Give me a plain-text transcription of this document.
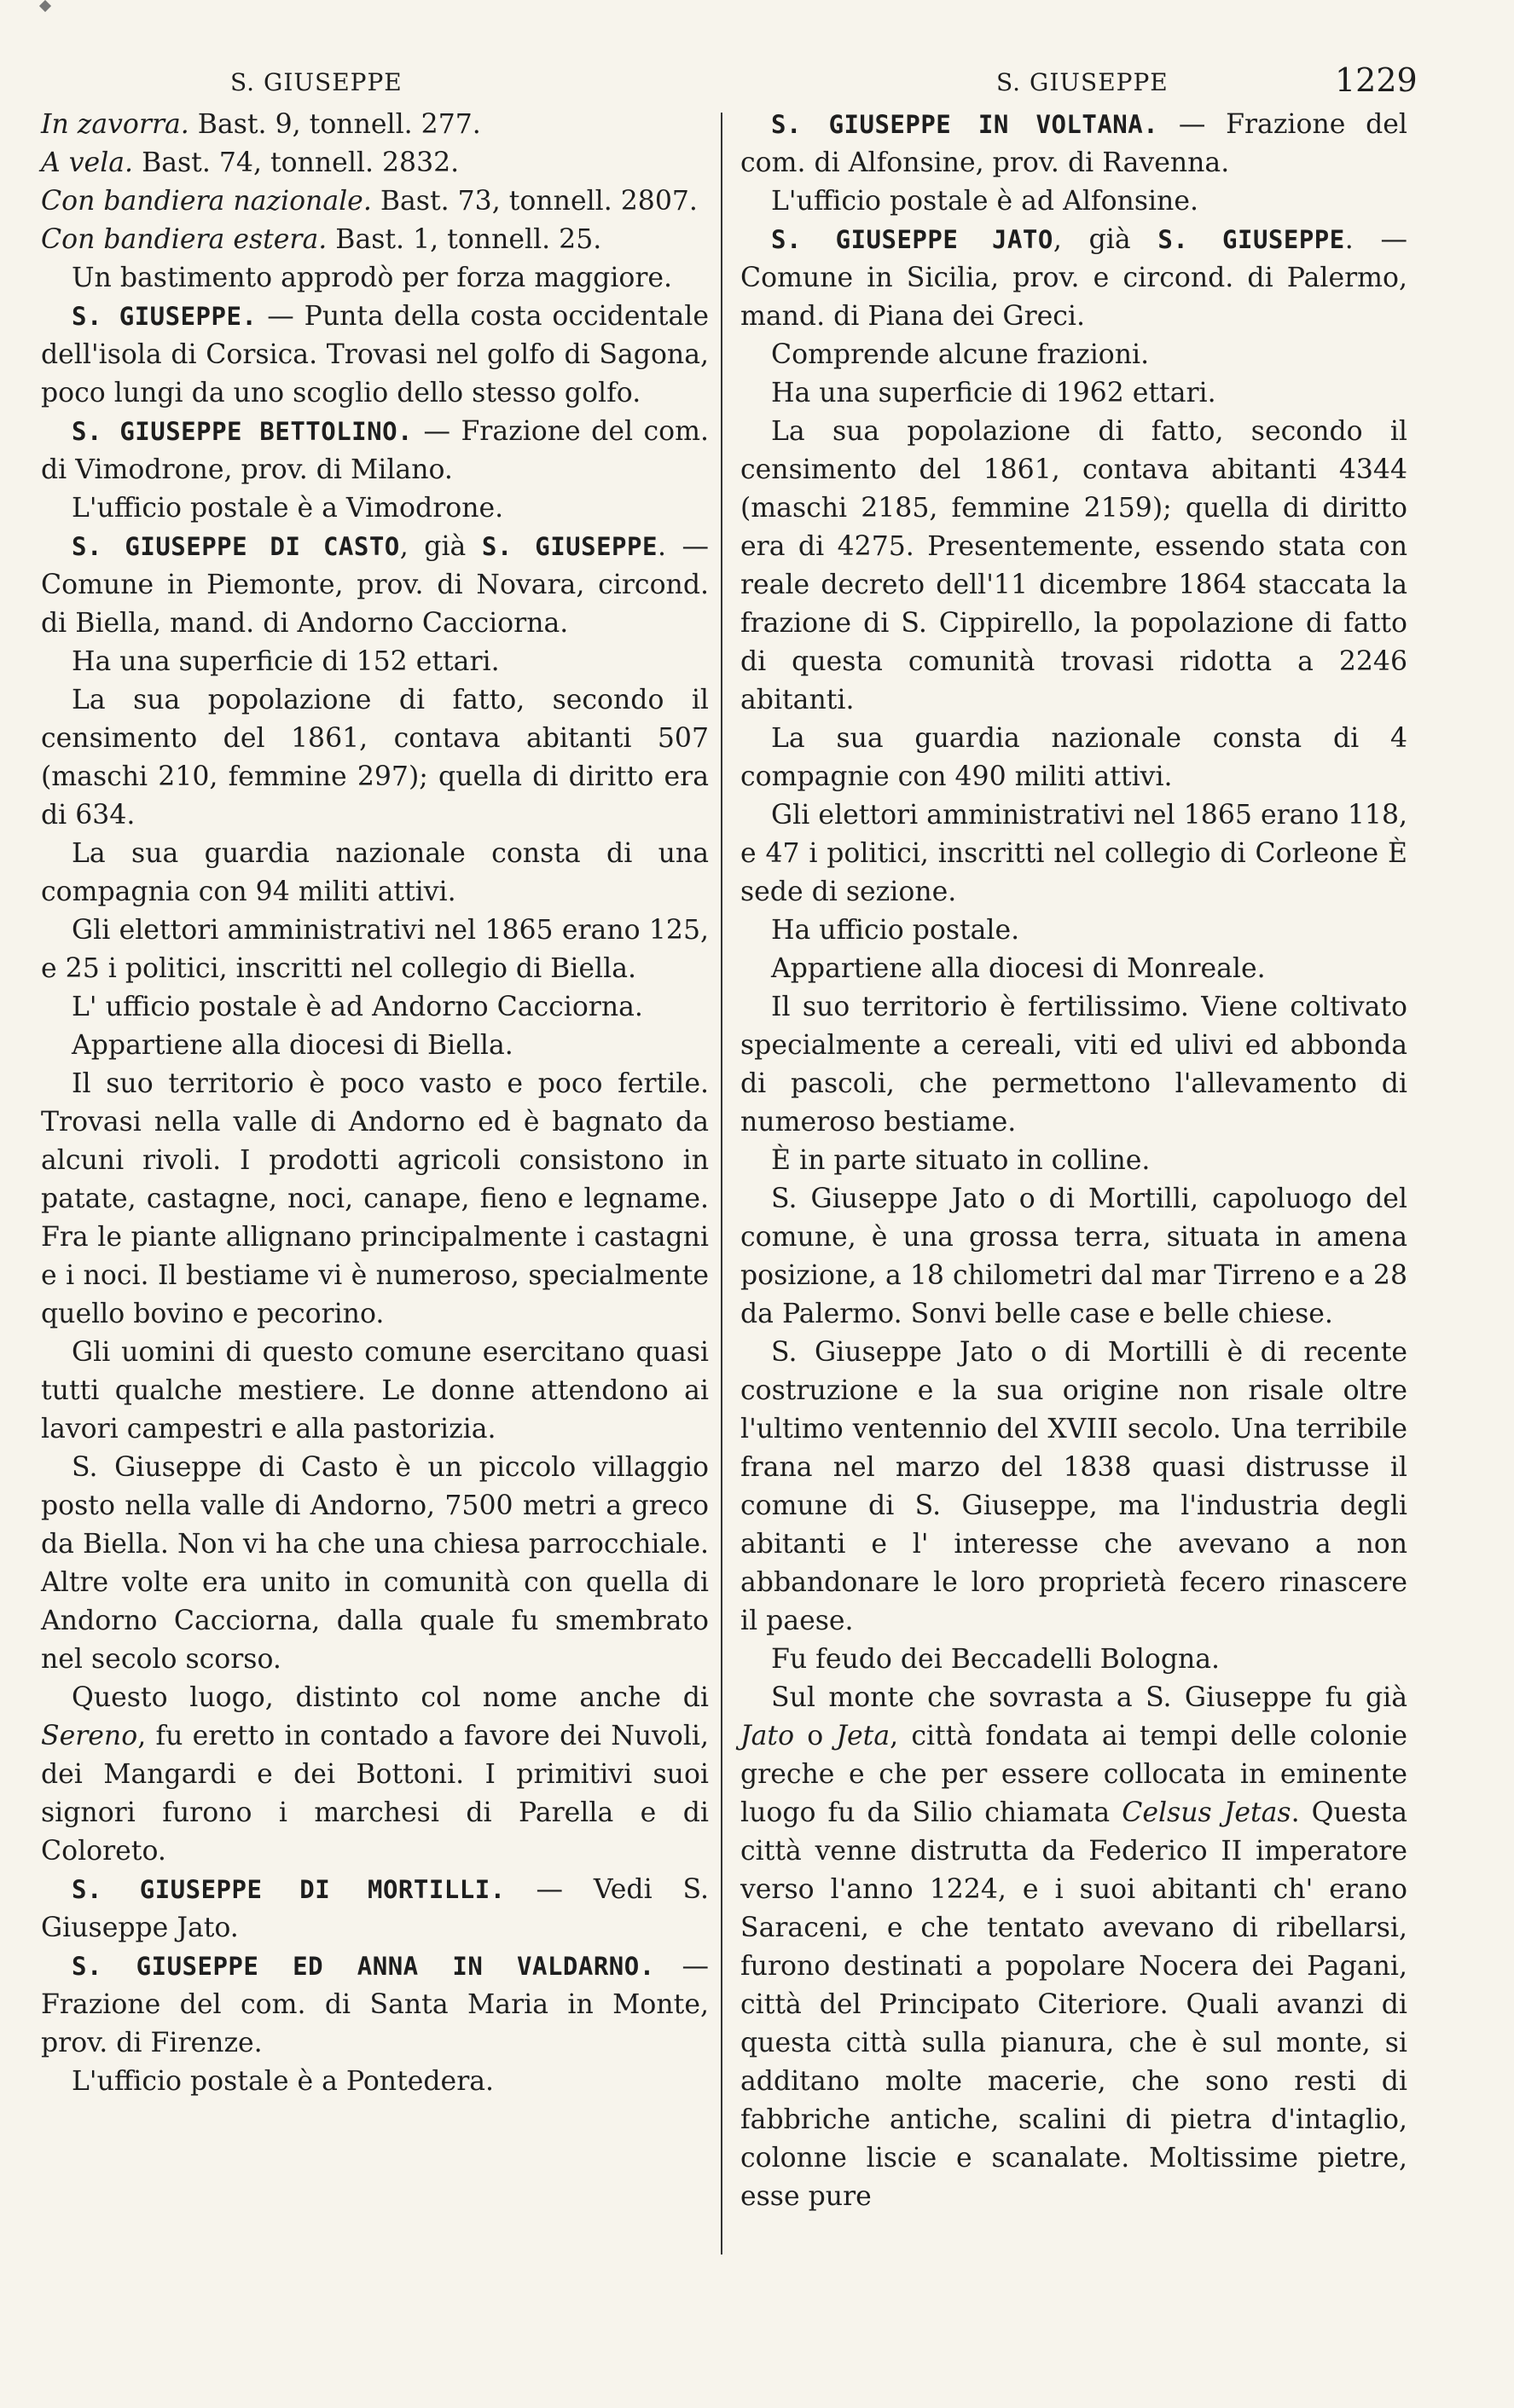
S. GIUSEPPE	S. GIUSEPPE	1229

In zavorra. Bast. 9, tonnell. 277.

A vela. Bast. 74, tonnell. 2832.

Con bandiera nazionale. Bast. 73, tonnell. 2807.

Con bandiera estera. Bast. 1, tonnell. 25.

Un bastimento approdò per forza maggiore.

S. GIUSEPPE. — Punta della costa occidentale dell'isola di Corsica. Trovasi nel golfo di Sagona, poco lungi da uno scoglio dello stesso golfo.

S. GIUSEPPE BETTOLINO. — Frazione del com. di Vimodrone, prov. di Milano.

L'ufficio postale è a Vimodrone.

S. GIUSEPPE DI CASTO, già S. GIUSEPPE. — Comune in Piemonte, prov. di Novara, circond. di Biella, mand. di Andorno Cacciorna.

Ha una superficie di 152 ettari.

La sua popolazione di fatto, secondo il censimento del 1861, contava abitanti 507 (maschi 210, femmine 297); quella di diritto era di 634.

La sua guardia nazionale consta di una compagnia con 94 militi attivi.

Gli elettori amministrativi nel 1865 erano 125, e 25 i politici, inscritti nel collegio di Biella.

L' ufficio postale è ad Andorno Cacciorna.

Appartiene alla diocesi di Biella.

Il suo territorio è poco vasto e poco fertile. Trovasi nella valle di Andorno ed è bagnato da alcuni rivoli. I prodotti agricoli consistono in patate, castagne, noci, canape, fieno e legname. Fra le piante allignano principalmente i castagni e i noci. Il bestiame vi è numeroso, specialmente quello bovino e pecorino.

Gli uomini di questo comune esercitano quasi tutti qualche mestiere. Le donne attendono ai lavori campestri e alla pastorizia.

S. Giuseppe di Casto è un piccolo villaggio posto nella valle di Andorno, 7500 metri a greco da Biella. Non vi ha che una chiesa parrocchiale. Altre volte era unito in comunità con quella di Andorno Cacciorna, dalla quale fu smembrato nel secolo scorso.

Questo luogo, distinto col nome anche di Sereno, fu eretto in contado a favore dei Nuvoli, dei Mangardi e dei Bottoni. I primitivi suoi signori furono i marchesi di Parella e di Coloreto.

S. GIUSEPPE DI MORTILLI. — Vedi S. Giuseppe Jato.

S. GIUSEPPE ED ANNA IN VALDARNO. — Frazione del com. di Santa Maria in Monte, prov. di Firenze.

L'ufficio postale è a Pontedera.

S. GIUSEPPE IN VOLTANA. — Frazione del com. di Alfonsine, prov. di Ravenna.

L'ufficio postale è ad Alfonsine.

S. GIUSEPPE JATO, già S. GIUSEPPE. — Comune in Sicilia, prov. e circond. di Palermo, mand. di Piana dei Greci.

Comprende alcune frazioni.

Ha una superficie di 1962 ettari.

La sua popolazione di fatto, secondo il censimento del 1861, contava abitanti 4344 (maschi 2185, femmine 2159); quella di diritto era di 4275. Presentemente, essendo stata con reale decreto dell'11 dicembre 1864 staccata la frazione di S. Cippirello, la popolazione di fatto di questa comunità trovasi ridotta a 2246 abitanti.

La sua guardia nazionale consta di 4 compagnie con 490 militi attivi.

Gli elettori amministrativi nel 1865 erano 118, e 47 i politici, inscritti nel collegio di Corleone È sede di sezione.

Ha ufficio postale.

Appartiene alla diocesi di Monreale.

Il suo territorio è fertilissimo. Viene coltivato specialmente a cereali, viti ed ulivi ed abbonda di pascoli, che permettono l'allevamento di numeroso bestiame.

È in parte situato in colline.

S. Giuseppe Jato o di Mortilli, capoluogo del comune, è una grossa terra, situata in amena posizione, a 18 chilometri dal mar Tirreno e a 28 da Palermo. Sonvi belle case e belle chiese.

S. Giuseppe Jato o di Mortilli è di recente costruzione e la sua origine non risale oltre l'ultimo ventennio del XVIII secolo. Una terribile frana nel marzo del 1838 quasi distrusse il comune di S. Giuseppe, ma l'industria degli abitanti e l' interesse che avevano a non abbandonare le loro proprietà fecero rinascere il paese.

Fu feudo dei Beccadelli Bologna.

Sul monte che sovrasta a S. Giuseppe fu già Jato o Jeta, città fondata ai tempi delle colonie greche e che per essere collocata in eminente luogo fu da Silio chiamata Celsus Jetas. Questa città venne distrutta da Federico II imperatore verso l'anno 1224, e i suoi abitanti ch' erano Saraceni, e che tentato avevano di ribellarsi, furono destinati a popolare Nocera dei Pagani, città del Principato Citeriore. Quali avanzi di questa città sulla pianura, che è sul monte, si additano molte macerie, che sono resti di fabbriche antiche, scalini di pietra d'intaglio, colonne liscie e scanalate. Moltissime pietre, esse pure
